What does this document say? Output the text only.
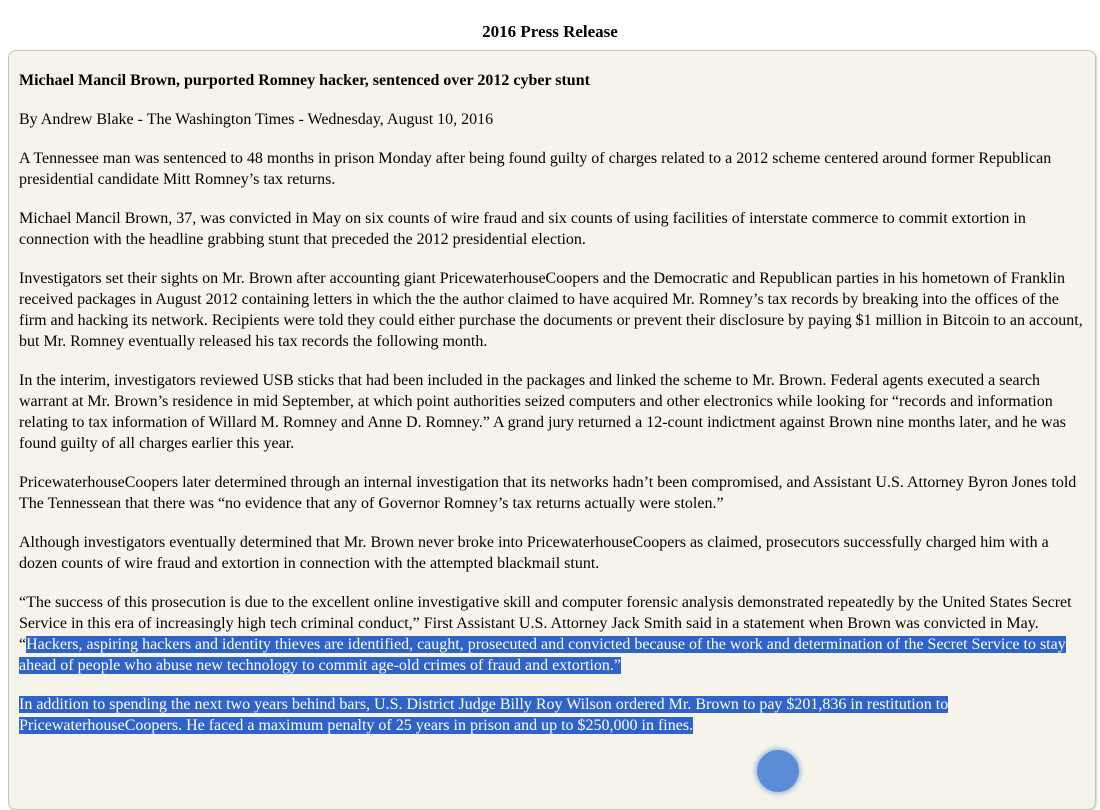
2016 Press Release

Michael Mancil Brown, purported Romney hacker, sentenced over 2012 cyber stunt

By Andrew Blake - The Washington Times - Wednesday, August 10, 2016

A Tennessee man was sentenced to 48 months in prison Monday after being found guilty of charges related to a 2012 scheme centered around former Republican presidential candidate Mitt Romney’s tax returns.

Michael Mancil Brown, 37, was convicted in May on six counts of wire fraud and six counts of using facilities of interstate commerce to commit extortion in connection with the headline grabbing stunt that preceded the 2012 presidential election.

Investigators set their sights on Mr. Brown after accounting giant PricewaterhouseCoopers and the Democratic and Republican parties in his hometown of Franklin received packages in August 2012 containing letters in which the the author claimed to have acquired Mr. Romney’s tax records by breaking into the offices of the firm and hacking its network. Recipients were told they could either purchase the documents or prevent their disclosure by paying $1 million in Bitcoin to an account, but Mr. Romney eventually released his tax records the following month.

In the interim, investigators reviewed USB sticks that had been included in the packages and linked the scheme to Mr. Brown. Federal agents executed a search warrant at Mr. Brown’s residence in mid September, at which point authorities seized computers and other electronics while looking for “records and information relating to tax information of Willard M. Romney and Anne D. Romney.” A grand jury returned a 12-count indictment against Brown nine months later, and he was found guilty of all charges earlier this year.

PricewaterhouseCoopers later determined through an internal investigation that its networks hadn’t been compromised, and Assistant U.S. Attorney Byron Jones told The Tennessean that there was “no evidence that any of Governor Romney’s tax returns actually were stolen.”

Although investigators eventually determined that Mr. Brown never broke into PricewaterhouseCoopers as claimed, prosecutors successfully charged him with a dozen counts of wire fraud and extortion in connection with the attempted blackmail stunt.

“The success of this prosecution is due to the excellent online investigative skill and computer forensic analysis demonstrated repeatedly by the United States Secret Service in this era of increasingly high tech criminal conduct,” First Assistant U.S. Attorney Jack Smith said in a statement when Brown was convicted in May. “Hackers, aspiring hackers and identity thieves are identified, caught, prosecuted and convicted because of the work and determination of the Secret Service to stay ahead of people who abuse new technology to commit age-old crimes of fraud and extortion.”

In addition to spending the next two years behind bars, U.S. District Judge Billy Roy Wilson ordered Mr. Brown to pay $201,836 in restitution to PricewaterhouseCoopers. He faced a maximum penalty of 25 years in prison and up to $250,000 in fines.
